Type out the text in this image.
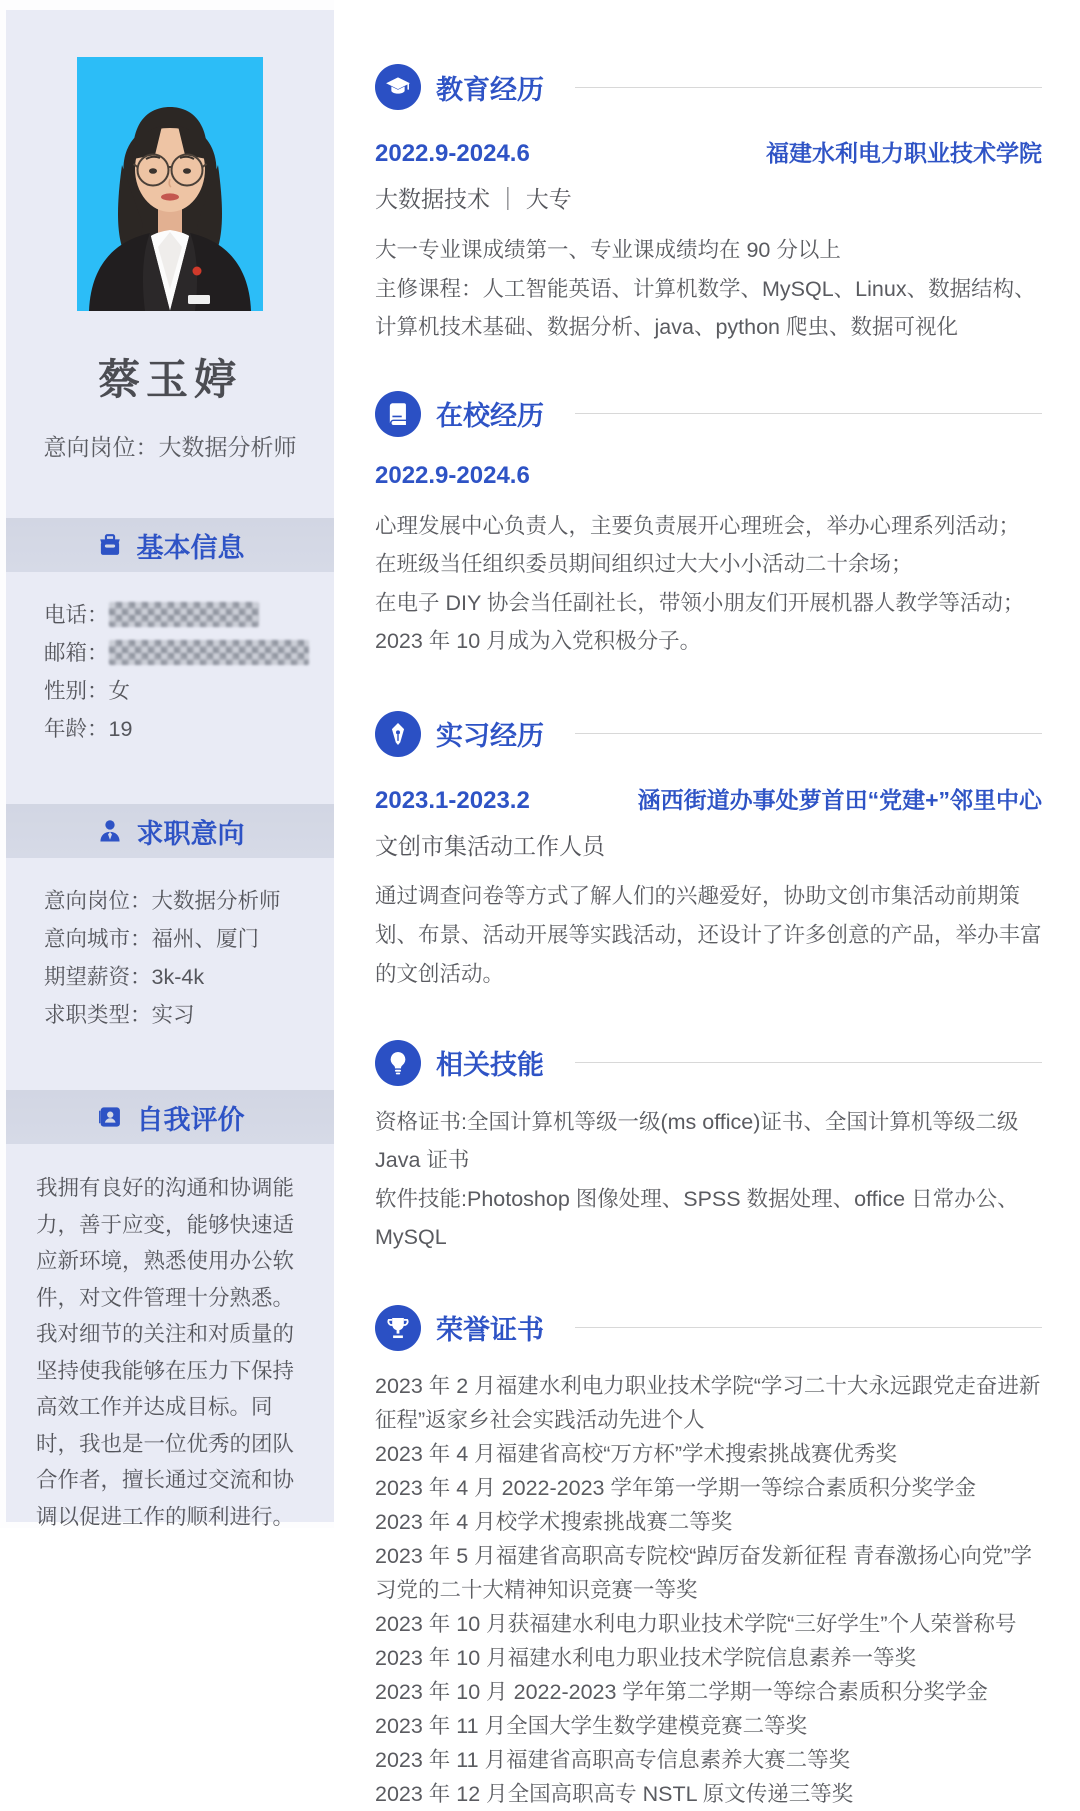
蔡玉婷
意向岗位：大数据分析师
基本信息
电话：
邮箱：
性别：女
年龄：19
求职意向
意向岗位：大数据分析师
意向城市：福州、厦门
期望薪资：3k-4k
求职类型：实习
自我评价

我拥有良好的沟通和协调能力，善于应变，能够快速适应新环境，熟悉使用办公软件，对文件管理十分熟悉。我对细节的关注和对质量的坚持使我能够在压力下保持高效工作并达成目标。同时，我也是一位优秀的团队合作者，擅长通过交流和协调以促进工作的顺利进行。

教育经历
2022.9-2024.6	福建水利电力职业技术学院
大数据技术 ｜ 大专
大一专业课成绩第一、专业课成绩均在 90 分以上
主修课程：人工智能英语、计算机数学、MySQL、Linux、数据结构、计算机技术基础、数据分析、java、python 爬虫、数据可视化
在校经历
2022.9-2024.6
心理发展中心负责人，主要负责展开心理班会，举办心理系列活动；
在班级当任组织委员期间组织过大大小小活动二十余场；
在电子 DIY 协会当任副社长，带领小朋友们开展机器人教学等活动；
2023 年 10 月成为入党积极分子。
实习经历
2023.1-2023.2	涵西街道办事处萝首田“党建+”邻里中心
文创市集活动工作人员

通过调查问卷等方式了解人们的兴趣爱好，协助文创市集活动前期策划、布景、活动开展等实践活动，还设计了许多创意的产品，举办丰富的文创活动。

相关技能
资格证书:全国计算机等级一级(ms office)证书、全国计算机等级二级 Java 证书
软件技能:Photoshop 图像处理、SPSS 数据处理、office 日常办公、MySQL
荣誉证书
2023 年 2 月福建水利电力职业技术学院“学习二十大永远跟党走奋进新征程”返家乡社会实践活动先进个人
2023 年 4 月福建省高校“万方杯”学术搜索挑战赛优秀奖
2023 年 4 月 2022-2023 学年第一学期一等综合素质积分奖学金
2023 年 4 月校学术搜索挑战赛二等奖
2023 年 5 月福建省高职高专院校“踔厉奋发新征程 青春激扬心向党”学习党的二十大精神知识竞赛一等奖
2023 年 10 月获福建水利电力职业技术学院“三好学生”个人荣誉称号
2023 年 10 月福建水利电力职业技术学院信息素养一等奖
2023 年 10 月 2022-2023 学年第二学期一等综合素质积分奖学金
2023 年 11 月全国大学生数学建模竞赛二等奖
2023 年 11 月福建省高职高专信息素养大赛二等奖
2023 年 12 月全国高职高专 NSTL 原文传递三等奖
